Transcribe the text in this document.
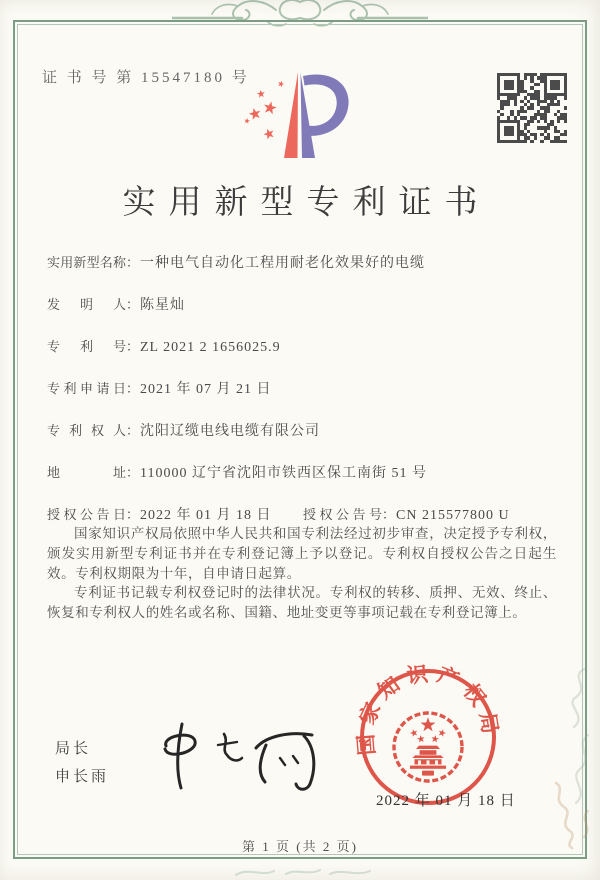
证 书 号 第 15547180 号
实用新型专利证书
实用新型名称：一种电气自动化工程用耐老化效果好的电缆
发明人：陈星灿
专利号：ZL 2021 2 1656025.9
专利申请日：2021 年 07 月 21 日
专利权人：沈阳辽缆电线电缆有限公司
地址：110000 辽宁省沈阳市铁西区保工南街 51 号
授权公告日：2022 年 01 月 18 日 授权公告号：CN 215577800 U

国家知识产权局依照中华人民共和国专利法经过初步审查，决定授予专利权，颁发实用新型专利证书并在专利登记簿上予以登记。专利权自授权公告之日起生效。专利权期限为十年，自申请日起算。

专利证书记载专利权登记时的法律状况。专利权的转移、质押、无效、终止、恢复和专利权人的姓名或名称、国籍、地址变更等事项记载在专利登记簿上。

局长
申长雨
国家知识产权局
2022 年 01 月 18 日
第 1 页 (共 2 页)
